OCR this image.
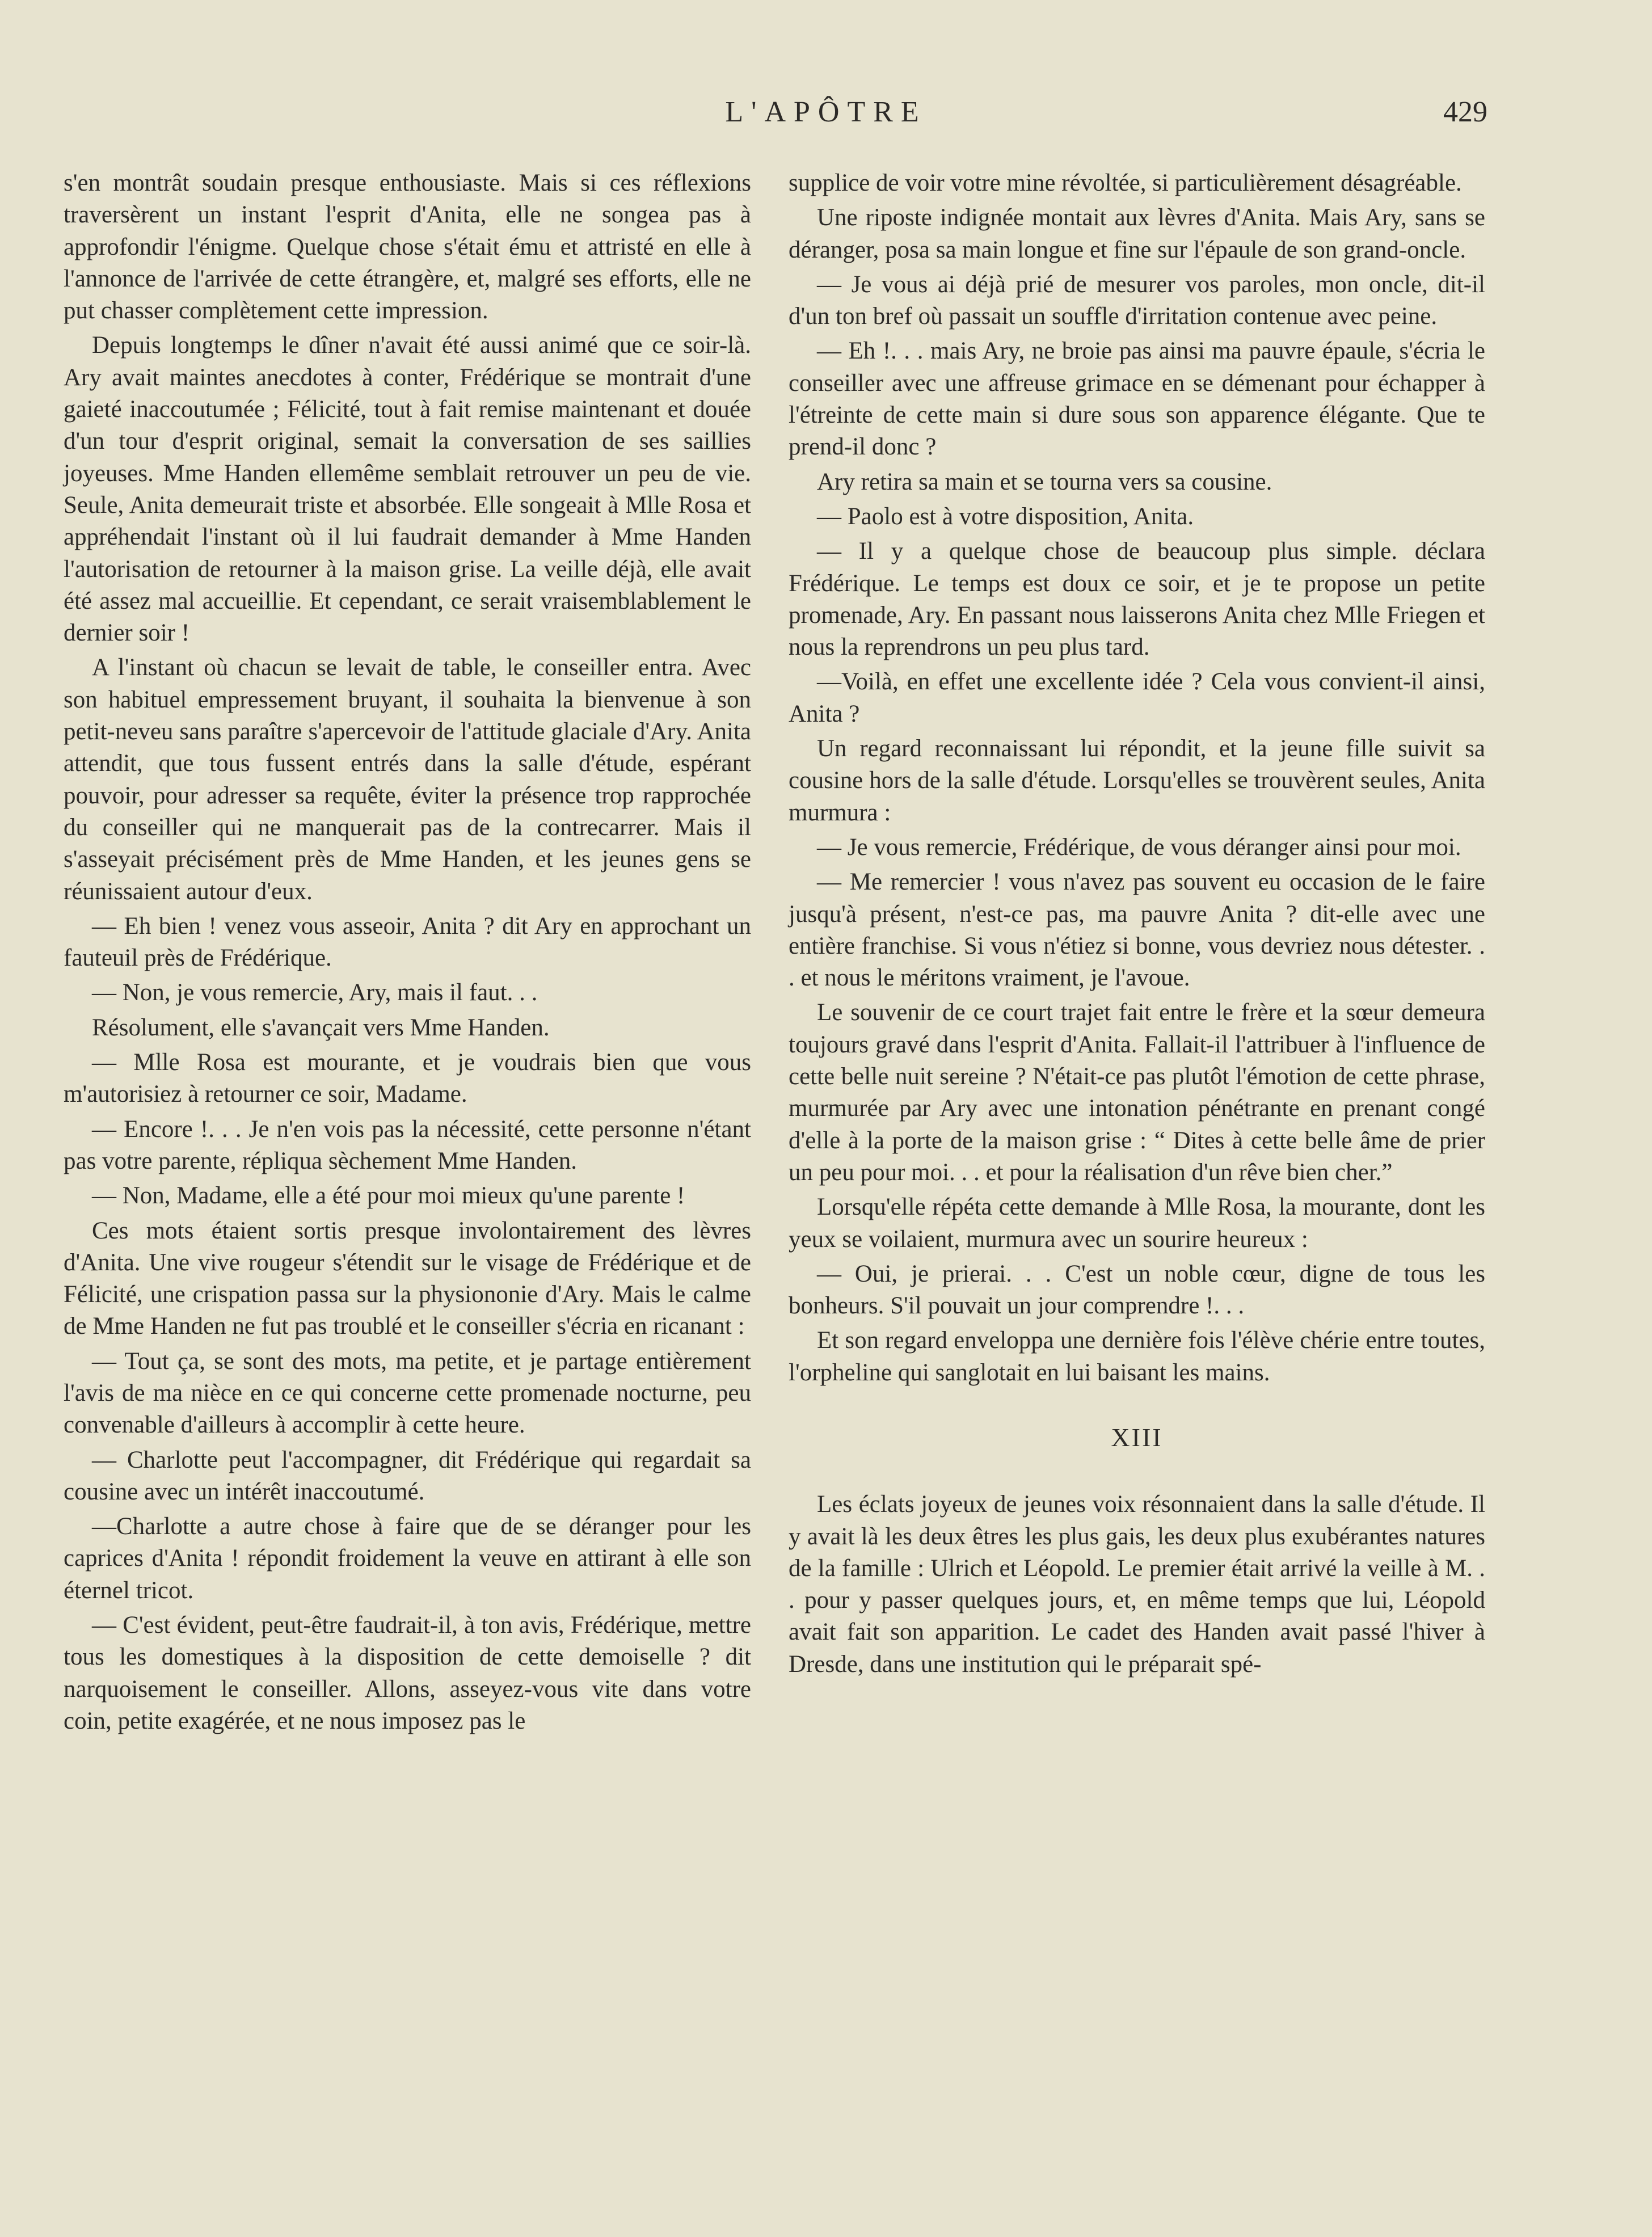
L'APÔTRE	429

s'en montrât soudain presque enthousiaste. Mais si ces réflexions traversèrent un instant l'esprit d'Anita, elle ne songea pas à approfondir l'énigme. Quelque chose s'était ému et attristé en elle à l'annonce de l'arrivée de cette étrangère, et, malgré ses efforts, elle ne put chasser complètement cette impression.

Depuis longtemps le dîner n'avait été aussi animé que ce soir-là. Ary avait maintes anecdotes à conter, Frédérique se montrait d'une gaieté inaccoutumée ; Félicité, tout à fait remise maintenant et douée d'un tour d'esprit original, semait la conversation de ses saillies joyeuses. Mme Handen ellemême semblait retrouver un peu de vie. Seule, Anita demeurait triste et absorbée. Elle songeait à Mlle Rosa et appréhendait l'instant où il lui faudrait demander à Mme Handen l'autorisation de retourner à la maison grise. La veille déjà, elle avait été assez mal accueillie. Et cependant, ce serait vraisemblablement le dernier soir !

A l'instant où chacun se levait de table, le conseiller entra. Avec son habituel empressement bruyant, il souhaita la bienvenue à son petit-neveu sans paraître s'apercevoir de l'attitude glaciale d'Ary. Anita attendit, que tous fussent entrés dans la salle d'étude, espérant pouvoir, pour adresser sa requête, éviter la présence trop rapprochée du conseiller qui ne manquerait pas de la contrecarrer. Mais il s'asseyait précisément près de Mme Handen, et les jeunes gens se réunissaient autour d'eux.

— Eh bien ! venez vous asseoir, Anita ? dit Ary en approchant un fauteuil près de Frédérique.

— Non, je vous remercie, Ary, mais il faut. . .

Résolument, elle s'avançait vers Mme Handen.

— Mlle Rosa est mourante, et je voudrais bien que vous m'autorisiez à retourner ce soir, Madame.

— Encore !. . . Je n'en vois pas la nécessité, cette personne n'étant pas votre parente, répliqua sèchement Mme Handen.

— Non, Madame, elle a été pour moi mieux qu'une parente !

Ces mots étaient sortis presque involontairement des lèvres d'Anita. Une vive rougeur s'étendit sur le visage de Frédérique et de Félicité, une crispation passa sur la physiononie d'Ary. Mais le calme de Mme Handen ne fut pas troublé et le conseiller s'écria en ricanant :

— Tout ça, se sont des mots, ma petite, et je partage entièrement l'avis de ma nièce en ce qui concerne cette promenade nocturne, peu convenable d'ailleurs à accomplir à cette heure.

— Charlotte peut l'accompagner, dit Frédérique qui regardait sa cousine avec un intérêt inaccoutumé.

—Charlotte a autre chose à faire que de se déranger pour les caprices d'Anita ! répondit froidement la veuve en attirant à elle son éternel tricot.

— C'est évident, peut-être faudrait-il, à ton avis, Frédérique, mettre tous les domestiques à la disposition de cette demoiselle ? dit narquoisement le conseiller. Allons, asseyez-vous vite dans votre coin, petite exagérée, et ne nous imposez pas le

supplice de voir votre mine révoltée, si particulièrement désagréable.

Une riposte indignée montait aux lèvres d'Anita. Mais Ary, sans se déranger, posa sa main longue et fine sur l'épaule de son grand-oncle.

— Je vous ai déjà prié de mesurer vos paroles, mon oncle, dit-il d'un ton bref où passait un souffle d'irritation contenue avec peine.

— Eh !. . . mais Ary, ne broie pas ainsi ma pauvre épaule, s'écria le conseiller avec une affreuse grimace en se démenant pour échapper à l'étreinte de cette main si dure sous son apparence élégante. Que te prend-il donc ?

Ary retira sa main et se tourna vers sa cousine.

— Paolo est à votre disposition, Anita.

— Il y a quelque chose de beaucoup plus simple. déclara Frédérique. Le temps est doux ce soir, et je te propose un petite promenade, Ary. En passant nous laisserons Anita chez Mlle Friegen et nous la reprendrons un peu plus tard.

—Voilà, en effet une excellente idée ? Cela vous convient-il ainsi, Anita ?

Un regard reconnaissant lui répondit, et la jeune fille suivit sa cousine hors de la salle d'étude. Lorsqu'elles se trouvèrent seules, Anita murmura :

— Je vous remercie, Frédérique, de vous déranger ainsi pour moi.

— Me remercier ! vous n'avez pas souvent eu occasion de le faire jusqu'à présent, n'est-ce pas, ma pauvre Anita ? dit-elle avec une entière franchise. Si vous n'étiez si bonne, vous devriez nous détester. . . et nous le méritons vraiment, je l'avoue.

Le souvenir de ce court trajet fait entre le frère et la sœur demeura toujours gravé dans l'esprit d'Anita. Fallait-il l'attribuer à l'influence de cette belle nuit sereine ? N'était-ce pas plutôt l'émotion de cette phrase, murmurée par Ary avec une intonation pénétrante en prenant congé d'elle à la porte de la maison grise : “ Dites à cette belle âme de prier un peu pour moi. . . et pour la réalisation d'un rêve bien cher.”

Lorsqu'elle répéta cette demande à Mlle Rosa, la mourante, dont les yeux se voilaient, murmura avec un sourire heureux :

— Oui, je prierai. . . C'est un noble cœur, digne de tous les bonheurs. S'il pouvait un jour comprendre !. . .

Et son regard enveloppa une dernière fois l'élève chérie entre toutes, l'orpheline qui sanglotait en lui baisant les mains.

XIII

Les éclats joyeux de jeunes voix résonnaient dans la salle d'étude. Il y avait là les deux êtres les plus gais, les deux plus exubérantes natures de la famille : Ulrich et Léopold. Le premier était arrivé la veille à M. . . pour y passer quelques jours, et, en même temps que lui, Léopold avait fait son apparition. Le cadet des Handen avait passé l'hiver à Dresde, dans une institution qui le préparait spé-
